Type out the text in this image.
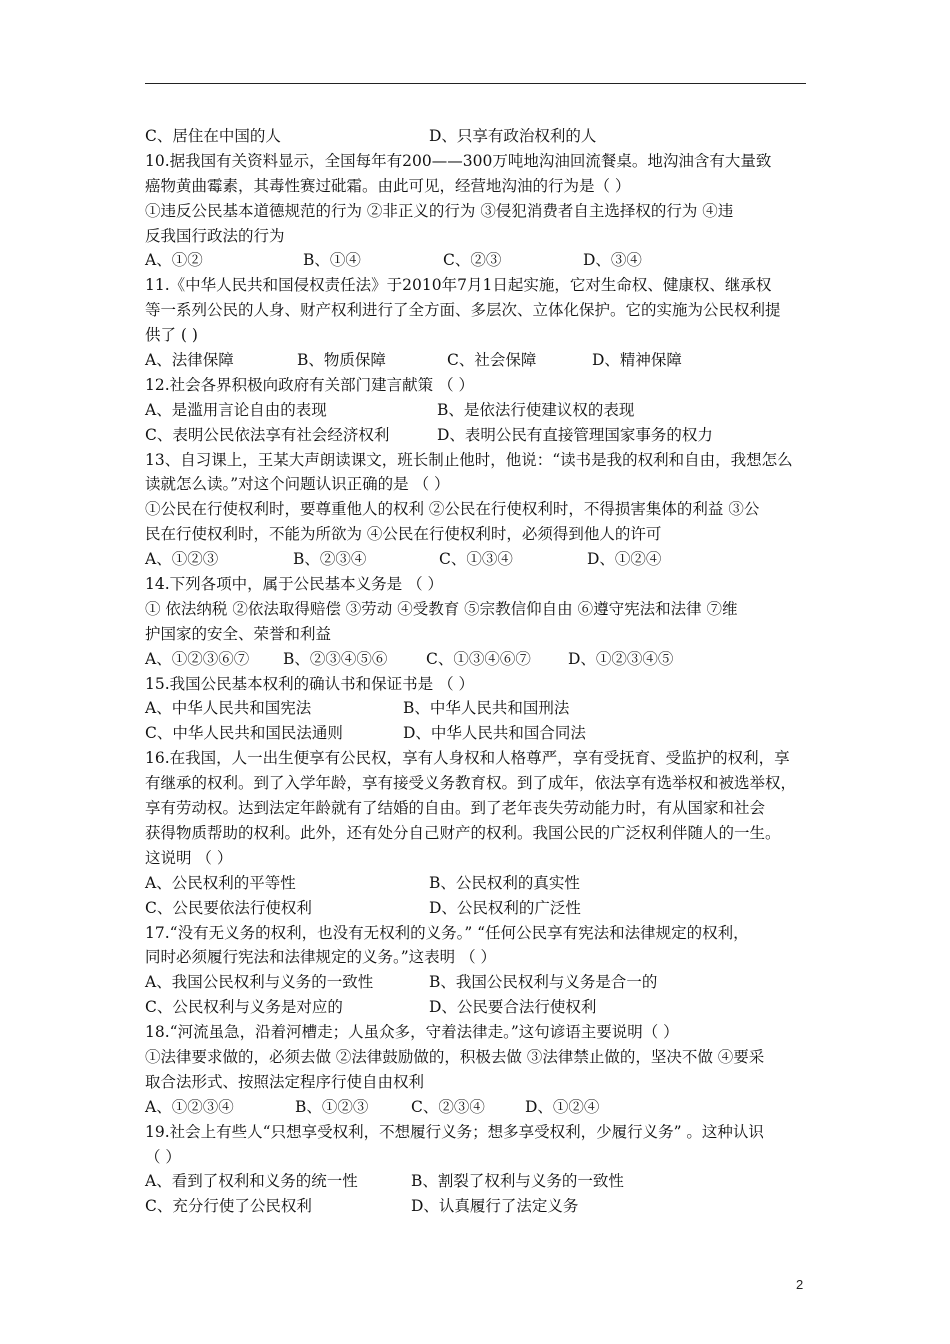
C、居住在中国的人	D、只享有政治权利的人
10.据我国有关资料显示，全国每年有200——300万吨地沟油回流餐桌。地沟油含有大量致
癌物黄曲霉素，其毒性赛过砒霜。由此可见，经营地沟油的行为是（ ）
①违反公民基本道德规范的行为 ②非正义的行为 ③侵犯消费者自主选择权的行为 ④违
反我国行政法的行为
A、①②	B、①④	C、②③	D、③④
11.《中华人民共和国侵权责任法》于2010年7月1日起实施，它对生命权、健康权、继承权
等一系列公民的人身、财产权利进行了全方面、多层次、立体化保护。它的实施为公民权利提
供了 ( )
A、法律保障	B、物质保障	C、社会保障	D、精神保障
12.社会各界积极向政府有关部门建言献策 （ ）
A、是滥用言论自由的表现	B、是依法行使建议权的表现
C、表明公民依法享有社会经济权利	D、表明公民有直接管理国家事务的权力
13、自习课上，王某大声朗读课文，班长制止他时，他说：“读书是我的权利和自由，我想怎么
读就怎么读。”对这个问题认识正确的是 （ ）
①公民在行使权利时，要尊重他人的权利 ②公民在行使权利时，不得损害集体的利益 ③公
民在行使权利时，不能为所欲为 ④公民在行使权利时，必须得到他人的许可
A、①②③	B、②③④	C、①③④	D、①②④
14.下列各项中，属于公民基本义务是 （ ）
① 依法纳税 ②依法取得赔偿 ③劳动 ④受教育 ⑤宗教信仰自由 ⑥遵守宪法和法律 ⑦维
护国家的安全、荣誉和利益
A、①②③⑥⑦ B、②③④⑤⑥ C、①③④⑥⑦ D、①②③④⑤
15.我国公民基本权利的确认书和保证书是 （ ）
A、中华人民共和国宪法	B、中华人民共和国刑法
C、中华人民共和国民法通则	D、中华人民共和国合同法
16.在我国，人一出生便享有公民权，享有人身权和人格尊严，享有受抚育、受监护的权利，享
有继承的权利。到了入学年龄，享有接受义务教育权。到了成年，依法享有选举权和被选举权，
享有劳动权。达到法定年龄就有了结婚的自由。到了老年丧失劳动能力时，有从国家和社会
获得物质帮助的权利。此外，还有处分自己财产的权利。我国公民的广泛权利伴随人的一生。
这说明 （ ）
A、公民权利的平等性	B、公民权利的真实性
C、公民要依法行使权利	D、公民权利的广泛性
17.“没有无义务的权利，也没有无权利的义务。” “任何公民享有宪法和法律规定的权利，
同时必须履行宪法和法律规定的义务。”这表明 （ ）
A、我国公民权利与义务的一致性	B、我国公民权利与义务是合一的
C、公民权利与义务是对应的	D、公民要合法行使权利
18.“河流虽急，沿着河槽走；人虽众多，守着法律走。”这句谚语主要说明（ ）
①法律要求做的，必须去做 ②法律鼓励做的，积极去做 ③法律禁止做的，坚决不做 ④要采
取合法形式、按照法定程序行使自由权利
A、①②③④	B、①②③	C、②③④	D、①②④
19.社会上有些人“只想享受权利，不想履行义务；想多享受权利，少履行义务” 。这种认识
（ ）
A、看到了权利和义务的统一性	B、割裂了权利与义务的一致性
C、充分行使了公民权利	D、认真履行了法定义务
2
